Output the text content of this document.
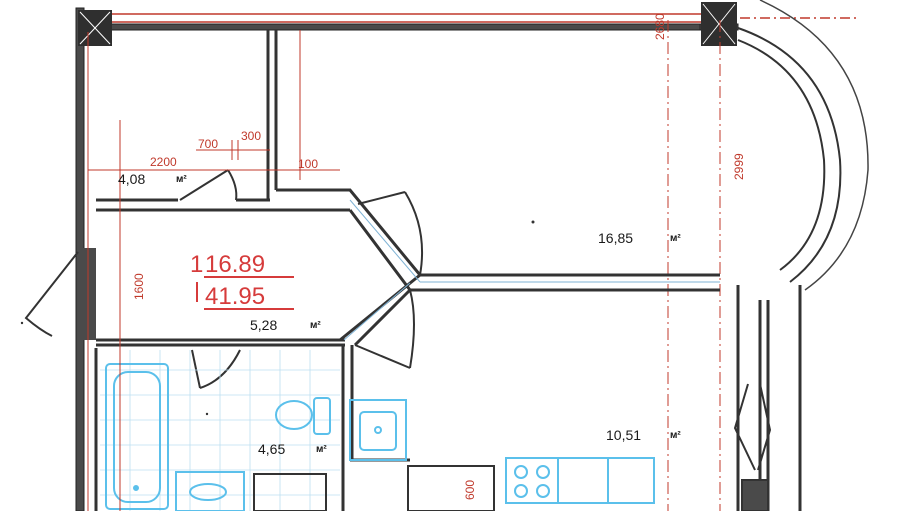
700
300
2200	100
1600
2999
2680
600
1 16.89
41.95
4,08	м²
5,28	м²
16,85	м²
4,65	м²
10,51	м²
